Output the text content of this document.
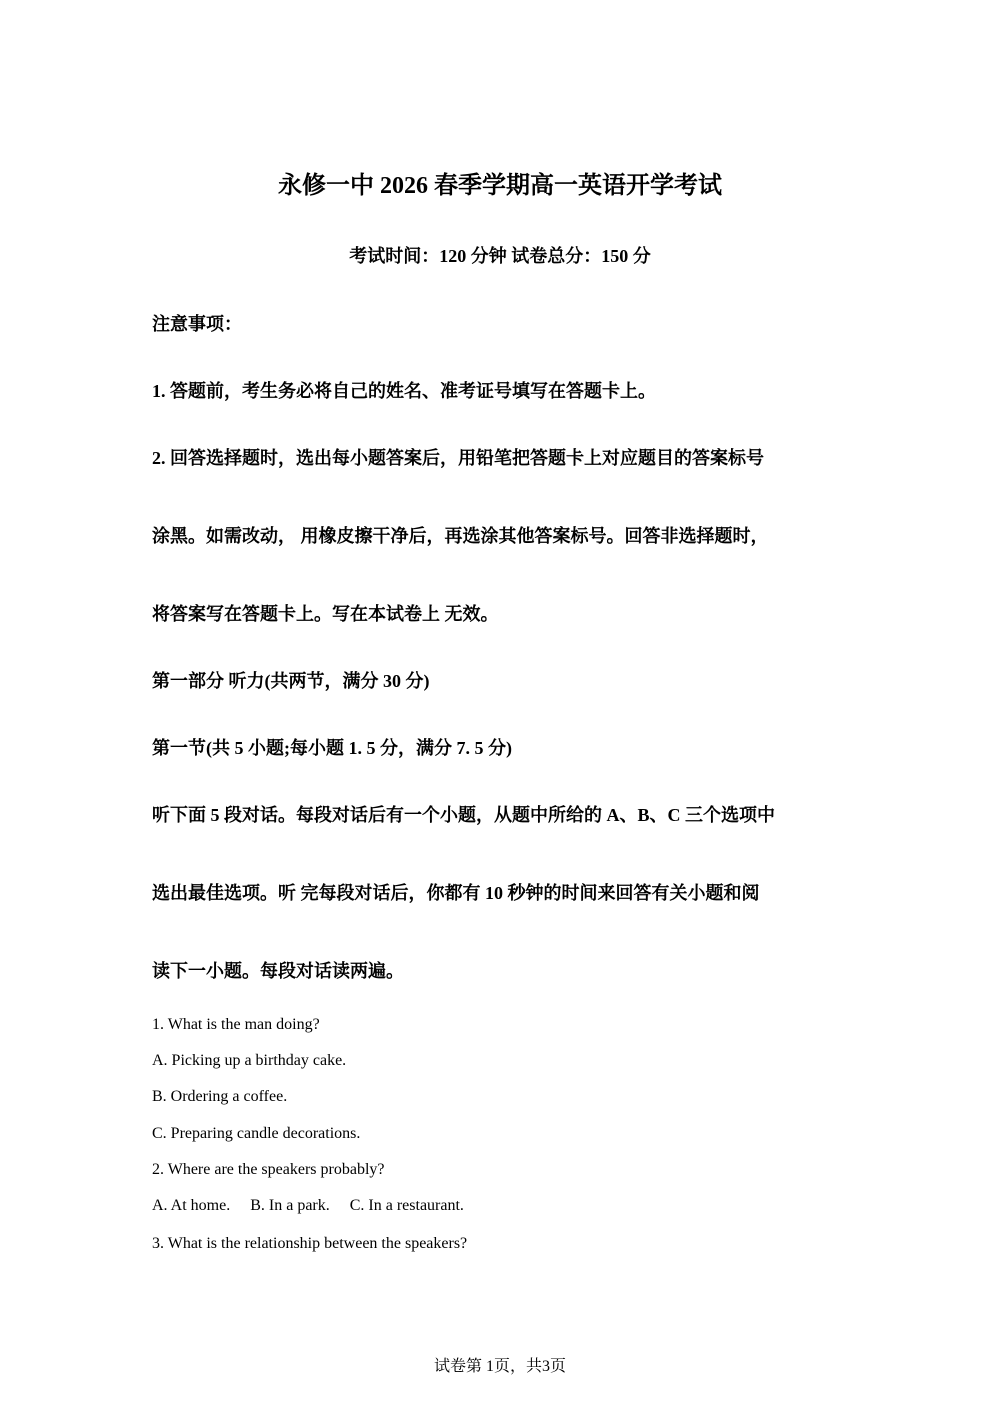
永修一中 2026 春季学期高一英语开学考试
考试时间：120 分钟 试卷总分：150 分
注意事项：
1. 答题前，考生务必将自己的姓名、准考证号填写在答题卡上。
2. 回答选择题时，选出每小题答案后，用铅笔把答题卡上对应题目的答案标号
涂黑。如需改动， 用橡皮擦干净后，再选涂其他答案标号。回答非选择题时，
将答案写在答题卡上。写在本试卷上 无效。
第一部分 听力(共两节，满分 30 分)
第一节(共 5 小题;每小题 1. 5 分，满分 7. 5 分)
听下面 5 段对话。每段对话后有一个小题，从题中所给的 A、B、C 三个选项中
选出最佳选项。听 完每段对话后，你都有 10 秒钟的时间来回答有关小题和阅
读下一小题。每段对话读两遍。
1. What is the man doing?
A. Picking up a birthday cake.
B. Ordering a coffee.
C. Preparing candle decorations.
2. Where are the speakers probably?
A. At home.     B. In a park.     C. In a restaurant.
3. What is the relationship between the speakers?
试卷第 1页，共3页
